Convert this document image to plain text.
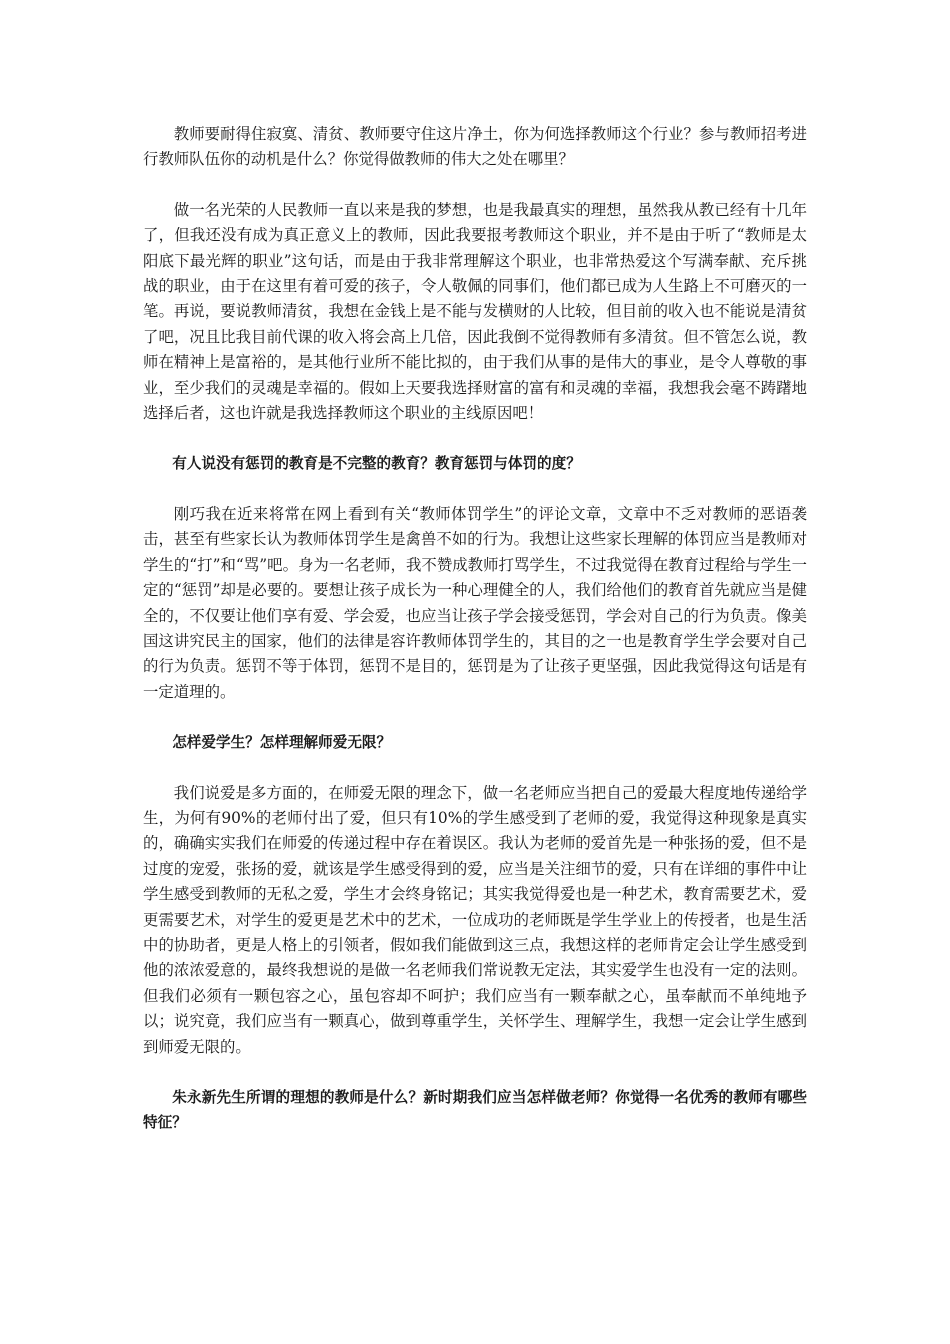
教师要耐得住寂寞、清贫、教师要守住这片净土，你为何选择教师这个行业？参与教师招考进行教师队伍你的动机是什么？你觉得做教师的伟大之处在哪里？

做一名光荣的人民教师一直以来是我的梦想，也是我最真实的理想，虽然我从教已经有十几年了，但我还没有成为真正意义上的教师，因此我要报考教师这个职业，并不是由于听了“教师是太阳底下最光辉的职业”这句话，而是由于我非常理解这个职业，也非常热爱这个写满奉献、充斥挑战的职业，由于在这里有着可爱的孩子，令人敬佩的同事们，他们都已成为人生路上不可磨灭的一笔。再说，要说教师清贫，我想在金钱上是不能与发横财的人比较，但目前的收入也不能说是清贫了吧，况且比我目前代课的收入将会高上几倍，因此我倒不觉得教师有多清贫。但不管怎么说，教师在精神上是富裕的，是其他行业所不能比拟的，由于我们从事的是伟大的事业，是令人尊敬的事业，至少我们的灵魂是幸福的。假如上天要我选择财富的富有和灵魂的幸福，我想我会毫不踌躇地选择后者，这也许就是我选择教师这个职业的主线原因吧！

有人说没有惩罚的教育是不完整的教育？教育惩罚与体罚的度？

刚巧我在近来将常在网上看到有关“教师体罚学生”的评论文章，文章中不乏对教师的恶语袭击，甚至有些家长认为教师体罚学生是禽兽不如的行为。我想让这些家长理解的体罚应当是教师对学生的“打”和“骂”吧。身为一名老师，我不赞成教师打骂学生，不过我觉得在教育过程给与学生一定的“惩罚”却是必要的。要想让孩子成长为一种心理健全的人，我们给他们的教育首先就应当是健全的，不仅要让他们享有爱、学会爱，也应当让孩子学会接受惩罚，学会对自己的行为负责。像美国这讲究民主的国家，他们的法律是容许教师体罚学生的，其目的之一也是教育学生学会要对自己的行为负责。惩罚不等于体罚，惩罚不是目的，惩罚是为了让孩子更坚强，因此我觉得这句话是有一定道理的。

怎样爱学生？怎样理解师爱无限？

我们说爱是多方面的，在师爱无限的理念下，做一名老师应当把自己的爱最大程度地传递给学生，为何有90%的老师付出了爱，但只有10%的学生感受到了老师的爱，我觉得这种现象是真实的，确确实实我们在师爱的传递过程中存在着误区。我认为老师的爱首先是一种张扬的爱，但不是过度的宠爱，张扬的爱，就该是学生感受得到的爱，应当是关注细节的爱，只有在详细的事件中让学生感受到教师的无私之爱，学生才会终身铭记；其实我觉得爱也是一种艺术，教育需要艺术，爱更需要艺术，对学生的爱更是艺术中的艺术，一位成功的老师既是学生学业上的传授者，也是生活中的协助者，更是人格上的引领者，假如我们能做到这三点，我想这样的老师肯定会让学生感受到他的浓浓爱意的，最终我想说的是做一名老师我们常说教无定法，其实爱学生也没有一定的法则。但我们必须有一颗包容之心，虽包容却不呵护；我们应当有一颗奉献之心，虽奉献而不单纯地予以；说究竟，我们应当有一颗真心，做到尊重学生，关怀学生、理解学生，我想一定会让学生感到到师爱无限的。

朱永新先生所谓的理想的教师是什么？新时期我们应当怎样做老师？你觉得一名优秀的教师有哪些特征？
